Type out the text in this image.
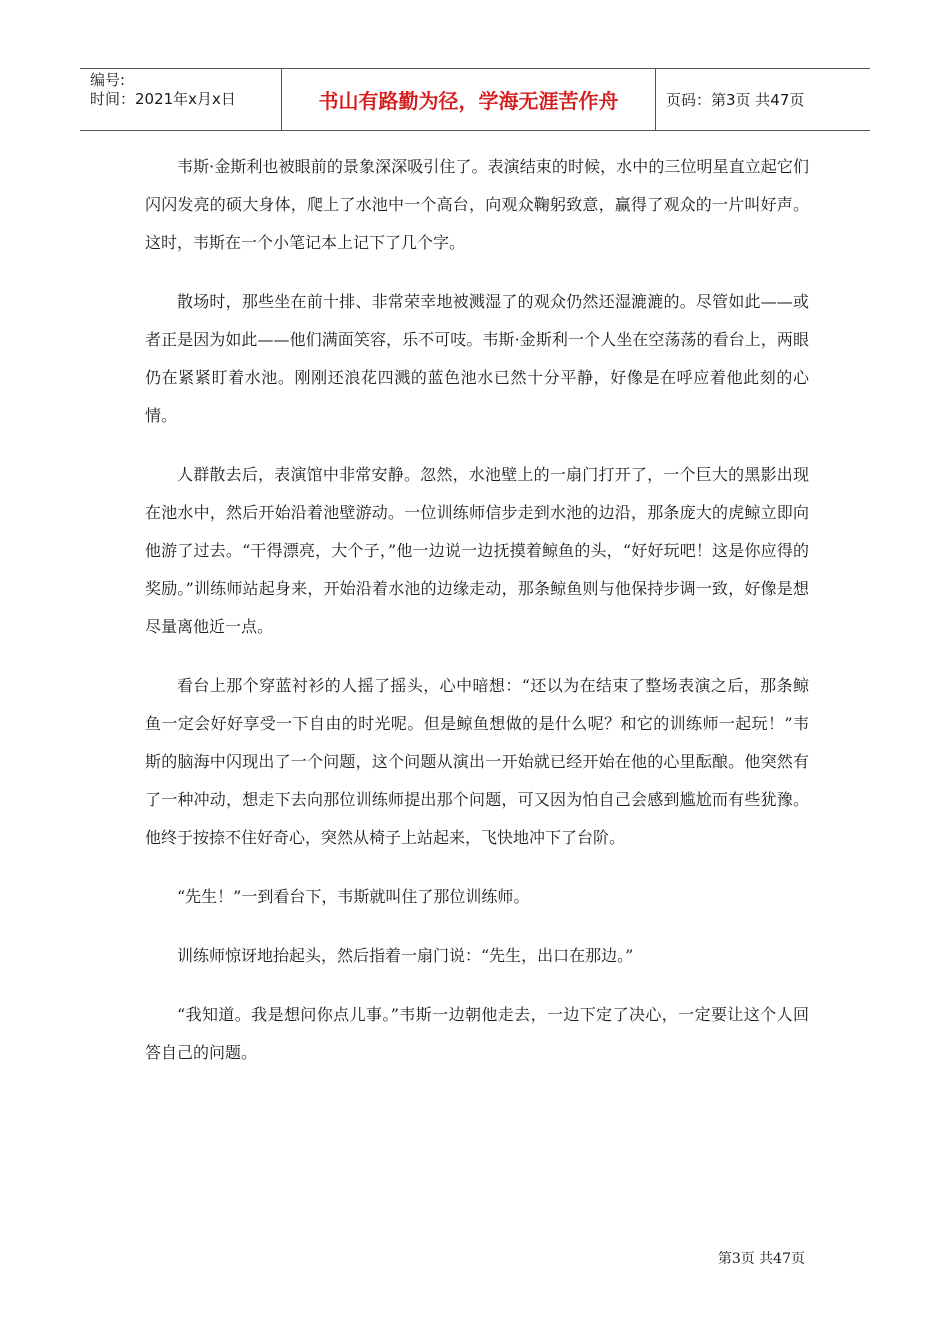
编号:
时间：2021年x月x日	书山有路勤为径，学海无涯苦作舟	页码：第3页 共47页

韦斯·金斯利也被眼前的景象深深吸引住了。表演结束的时候，水中的三位明星直立起它们闪闪发亮的硕大身体，爬上了水池中一个高台，向观众鞠躬致意，赢得了观众的一片叫好声。这时，韦斯在一个小笔记本上记下了几个字。

散场时，那些坐在前十排、非常荣幸地被溅湿了的观众仍然还湿漉漉的。尽管如此——或者正是因为如此——他们满面笑容，乐不可吱。韦斯·金斯利一个人坐在空荡荡的看台上，两眼仍在紧紧盯着水池。刚刚还浪花四溅的蓝色池水已然十分平静，好像是在呼应着他此刻的心情。

人群散去后，表演馆中非常安静。忽然，水池壁上的一扇门打开了，一个巨大的黑影出现在池水中，然后开始沿着池壁游动。一位训练师信步走到水池的边沿，那条庞大的虎鲸立即向他游了过去。“干得漂亮，大个子，”他一边说一边抚摸着鲸鱼的头，“好好玩吧！这是你应得的奖励。”训练师站起身来，开始沿着水池的边缘走动，那条鲸鱼则与他保持步调一致，好像是想尽量离他近一点。

看台上那个穿蓝衬衫的人摇了摇头，心中暗想：“还以为在结束了整场表演之后，那条鲸鱼一定会好好享受一下自由的时光呢。但是鲸鱼想做的是什么呢？和它的训练师一起玩！”韦斯的脑海中闪现出了一个问题，这个问题从演出一开始就已经开始在他的心里酝酿。他突然有了一种冲动，想走下去向那位训练师提出那个问题，可又因为怕自己会感到尴尬而有些犹豫。他终于按捺不住好奇心，突然从椅子上站起来，飞快地冲下了台阶。

“先生！”一到看台下，韦斯就叫住了那位训练师。

训练师惊讶地抬起头，然后指着一扇门说：“先生，出口在那边。”

“我知道。我是想问你点儿事。”韦斯一边朝他走去，一边下定了决心，一定要让这个人回答自己的问题。

第3页 共47页
